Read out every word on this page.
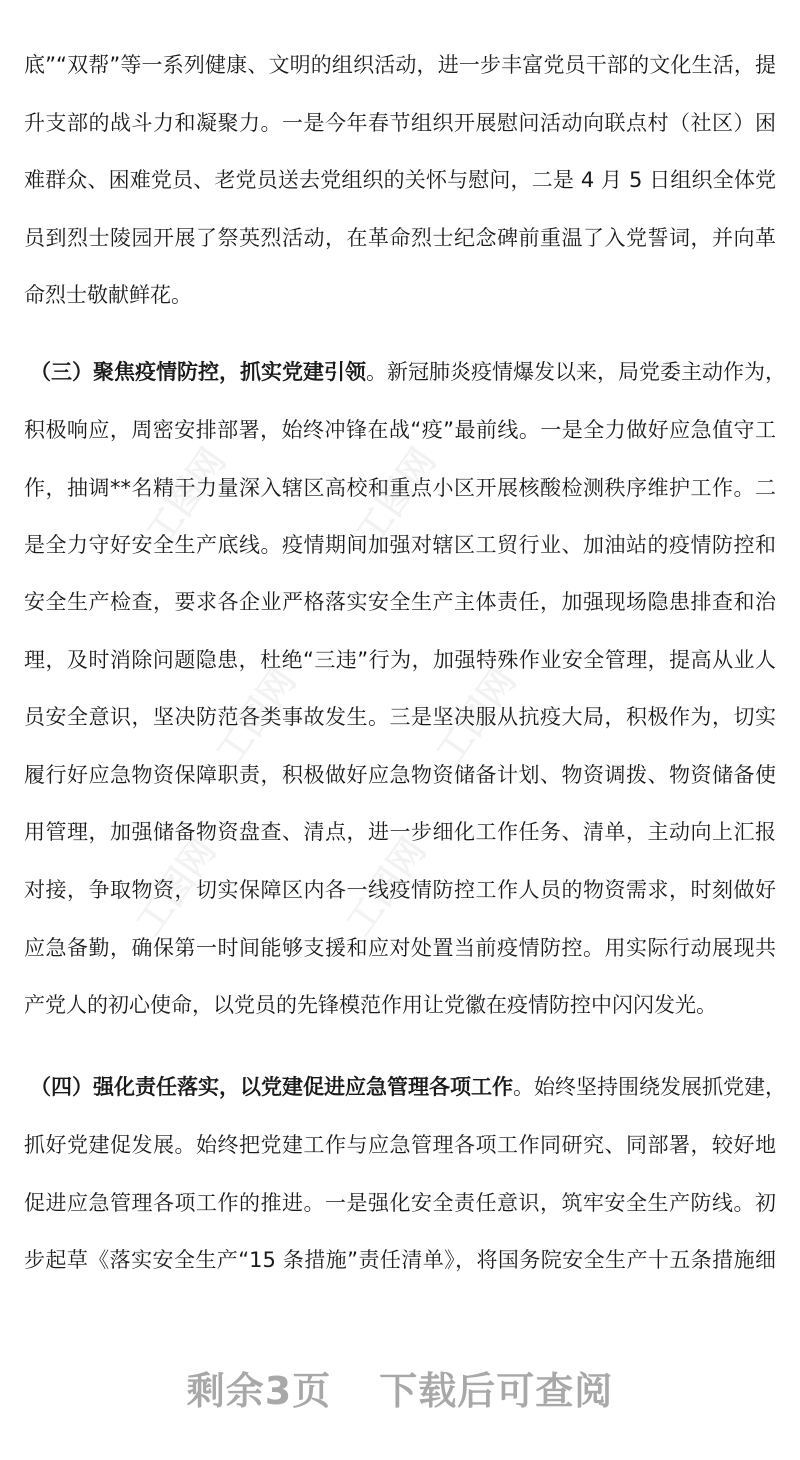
工图网	工图网
工图网	工图网
工图网	工图网
底”“双帮”等一系列健康、文明的组织活动，进一步丰富党员干部的文化生活，提
升支部的战斗力和凝聚力。一是今年春节组织开展慰问活动向联点村（社区）困
难群众、困难党员、老党员送去党组织的关怀与慰问，二是 4 月 5 日组织全体党
员到烈士陵园开展了祭英烈活动，在革命烈士纪念碑前重温了入党誓词，并向革
命烈士敬献鲜花。
（三）聚焦疫情防控，抓实党建引领。新冠肺炎疫情爆发以来，局党委主动作为，
积极响应，周密安排部署，始终冲锋在战“疫”最前线。一是全力做好应急值守工
作，抽调**名精干力量深入辖区高校和重点小区开展核酸检测秩序维护工作。二
是全力守好安全生产底线。疫情期间加强对辖区工贸行业、加油站的疫情防控和
安全生产检查，要求各企业严格落实安全生产主体责任，加强现场隐患排查和治
理，及时消除问题隐患，杜绝“三违”行为，加强特殊作业安全管理，提高从业人
员安全意识，坚决防范各类事故发生。三是坚决服从抗疫大局，积极作为，切实
履行好应急物资保障职责，积极做好应急物资储备计划、物资调拨、物资储备使
用管理，加强储备物资盘查、清点，进一步细化工作任务、清单，主动向上汇报
对接，争取物资，切实保障区内各一线疫情防控工作人员的物资需求，时刻做好
应急备勤，确保第一时间能够支援和应对处置当前疫情防控。用实际行动展现共
产党人的初心使命，以党员的先锋模范作用让党徽在疫情防控中闪闪发光。
（四）强化责任落实，以党建促进应急管理各项工作。始终坚持围绕发展抓党建，
抓好党建促发展。始终把党建工作与应急管理各项工作同研究、同部署，较好地
促进应急管理各项工作的推进。一是强化安全责任意识，筑牢安全生产防线。初
步起草《落实安全生产“15 条措施”责任清单》，将国务院安全生产十五条措施细
剩余3页 下载后可查阅
